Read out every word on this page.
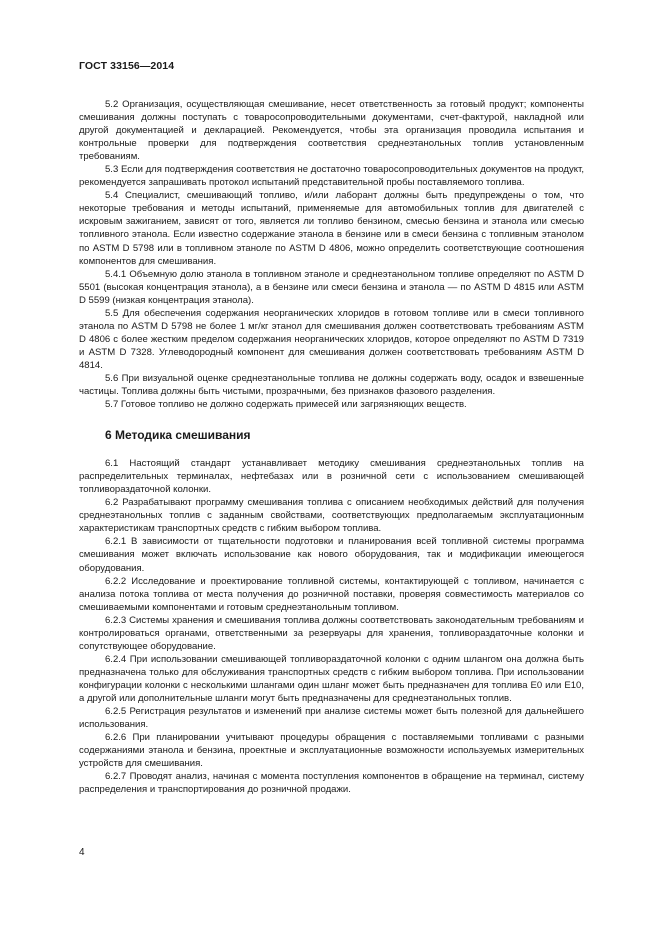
ГОСТ 33156—2014

5.2 Организация, осуществляющая смешивание, несет ответственность за готовый продукт; компоненты смешивания должны поступать с товаросопроводительными документами, счет-фактурой, накладной или другой документацией и декларацией. Рекомендуется, чтобы эта организация проводила испытания и контрольные проверки для подтверждения соответствия среднеэтанольных топлив установленным требованиям.

5.3 Если для подтверждения соответствия не достаточно товаросопроводительных документов на продукт, рекомендуется запрашивать протокол испытаний представительной пробы поставляемого топлива.

5.4 Специалист, смешивающий топливо, и/или лаборант должны быть предупреждены о том, что некоторые требования и методы испытаний, применяемые для автомобильных топлив для двигателей с искровым зажиганием, зависят от того, является ли топливо бензином, смесью бензина и этанола или смесью топливного этанола. Если известно содержание этанола в бензине или в смеси бензина с топливным этанолом по ASTM D 5798 или в топливном этаноле по ASTM D 4806, можно определить соответствующие соотношения компонентов для смешивания.

5.4.1 Объемную долю этанола в топливном этаноле и среднеэтанольном топливе определяют по ASTM D 5501 (высокая концентрация этанола), а в бензине или смеси бензина и этанола — по ASTM D 4815 или ASTM D 5599 (низкая концентрация этанола).

5.5 Для обеспечения содержания неорганических хлоридов в готовом топливе или в смеси топливного этанола по ASTM D 5798 не более 1 мг/кг этанол для смешивания должен соответствовать требованиям ASTM D 4806 с более жестким пределом содержания неорганических хлоридов, которое определяют по ASTM D 7319 и ASTM D 7328. Углеводородный компонент для смешивания должен соответствовать требованиям ASTM D 4814.

5.6 При визуальной оценке среднеэтанольные топлива не должны содержать воду, осадок и взвешенные частицы. Топлива должны быть чистыми, прозрачными, без признаков фазового разделения.

5.7 Готовое топливо не должно содержать примесей или загрязняющих веществ.

6 Методика смешивания

6.1 Настоящий стандарт устанавливает методику смешивания среднеэтанольных топлив на распределительных терминалах, нефтебазах или в розничной сети с использованием смешивающей топливораздаточной колонки.

6.2 Разрабатывают программу смешивания топлива с описанием необходимых действий для получения среднеэтанольных топлив с заданным свойствами, соответствующих предполагаемым эксплуатационным характеристикам транспортных средств с гибким выбором топлива.

6.2.1 В зависимости от тщательности подготовки и планирования всей топливной системы программа смешивания может включать использование как нового оборудования, так и модификации имеющегося оборудования.

6.2.2 Исследование и проектирование топливной системы, контактирующей с топливом, начинается с анализа потока топлива от места получения до розничной поставки, проверяя совместимость материалов со смешиваемыми компонентами и готовым среднеэтанольным топливом.

6.2.3 Системы хранения и смешивания топлива должны соответствовать законодательным требованиям и контролироваться органами, ответственными за резервуары для хранения, топливораздаточные колонки и сопутствующее оборудование.

6.2.4 При использовании смешивающей топливораздаточной колонки с одним шлангом она должна быть предназначена только для обслуживания транспортных средств с гибким выбором топлива. При использовании конфигурации колонки с несколькими шлангами один шланг может быть предназначен для топлива Е0 или Е10, а другой или дополнительные шланги могут быть предназначены для среднеэтанольных топлив.

6.2.5 Регистрация результатов и изменений при анализе системы может быть полезной для дальнейшего использования.

6.2.6 При планировании учитывают процедуры обращения с поставляемыми топливами с разными содержаниями этанола и бензина, проектные и эксплуатационные возможности используемых измерительных устройств для смешивания.

6.2.7 Проводят анализ, начиная с момента поступления компонентов в обращение на терминал, систему распределения и транспортирования до розничной продажи.

4
